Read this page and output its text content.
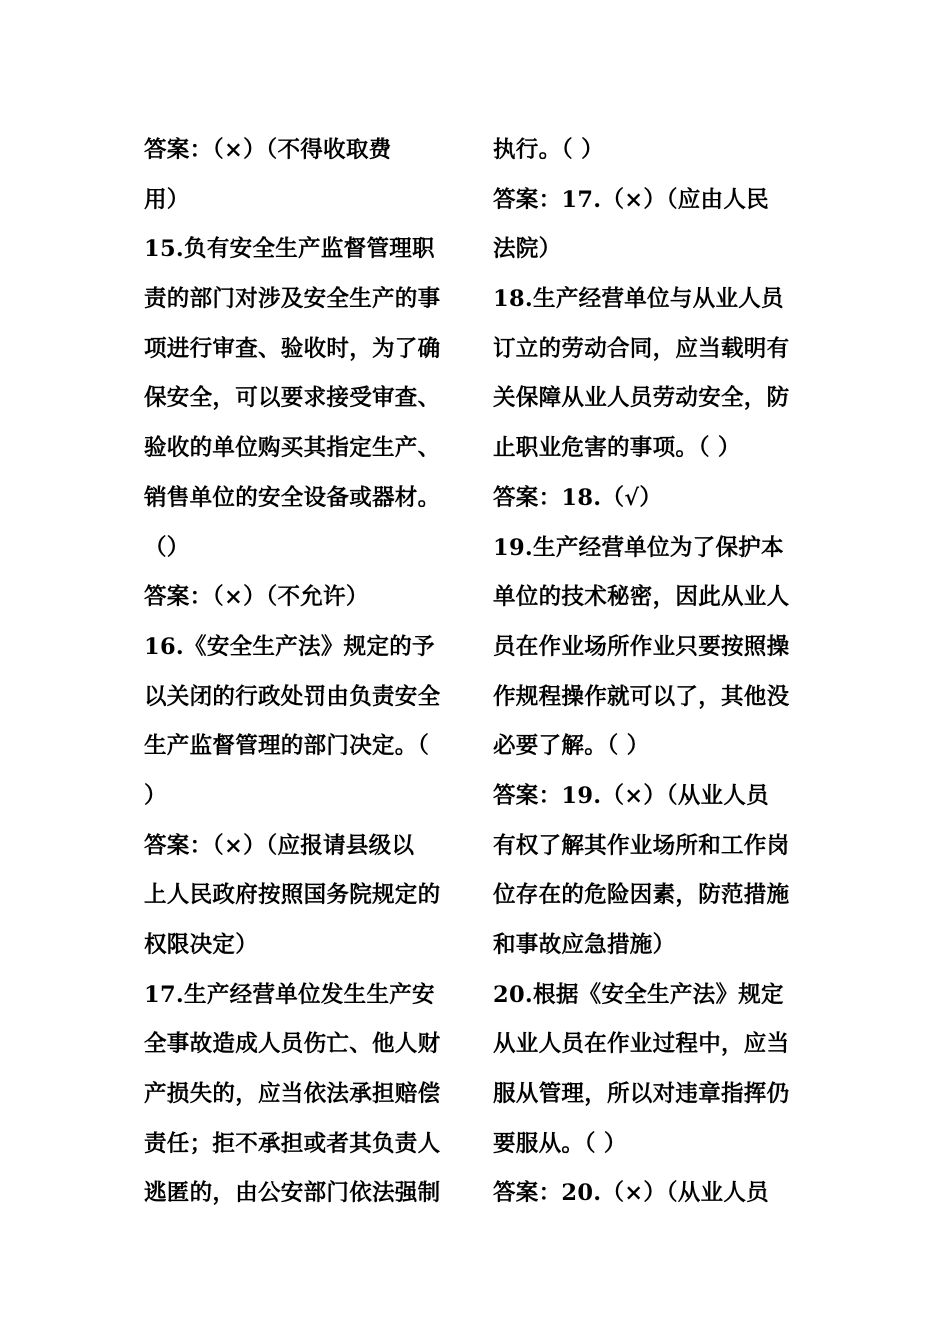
答案：（×）（不得收取费
用）
15.负有安全生产监督管理职
责的部门对涉及安全生产的事
项进行审查、验收时，为了确
保安全，可以要求接受审查、
验收的单位购买其指定生产、
销售单位的安全设备或器材。
（）
答案：（×）（不允许）
16.《安全生产法》规定的予
以关闭的行政处罚由负责安全
生产监督管理的部门决定。（
）
答案：（×）（应报请县级以
上人民政府按照国务院规定的
权限决定）
17.生产经营单位发生生产安
全事故造成人员伤亡、他人财
产损失的，应当依法承担赔偿
责任；拒不承担或者其负责人
逃匿的，由公安部门依法强制
执行。（ ）
答案：17.（×）（应由人民
法院）
18.生产经营单位与从业人员
订立的劳动合同，应当载明有
关保障从业人员劳动安全，防
止职业危害的事项。（ ）
答案：18.（√）
19.生产经营单位为了保护本
单位的技术秘密，因此从业人
员在作业场所作业只要按照操
作规程操作就可以了，其他没
必要了解。（ ）
答案：19.（×）（从业人员
有权了解其作业场所和工作岗
位存在的危险因素，防范措施
和事故应急措施）
20.根据《安全生产法》规定
从业人员在作业过程中，应当
服从管理，所以对违章指挥仍
要服从。（ ）
答案：20.（×）（从业人员
